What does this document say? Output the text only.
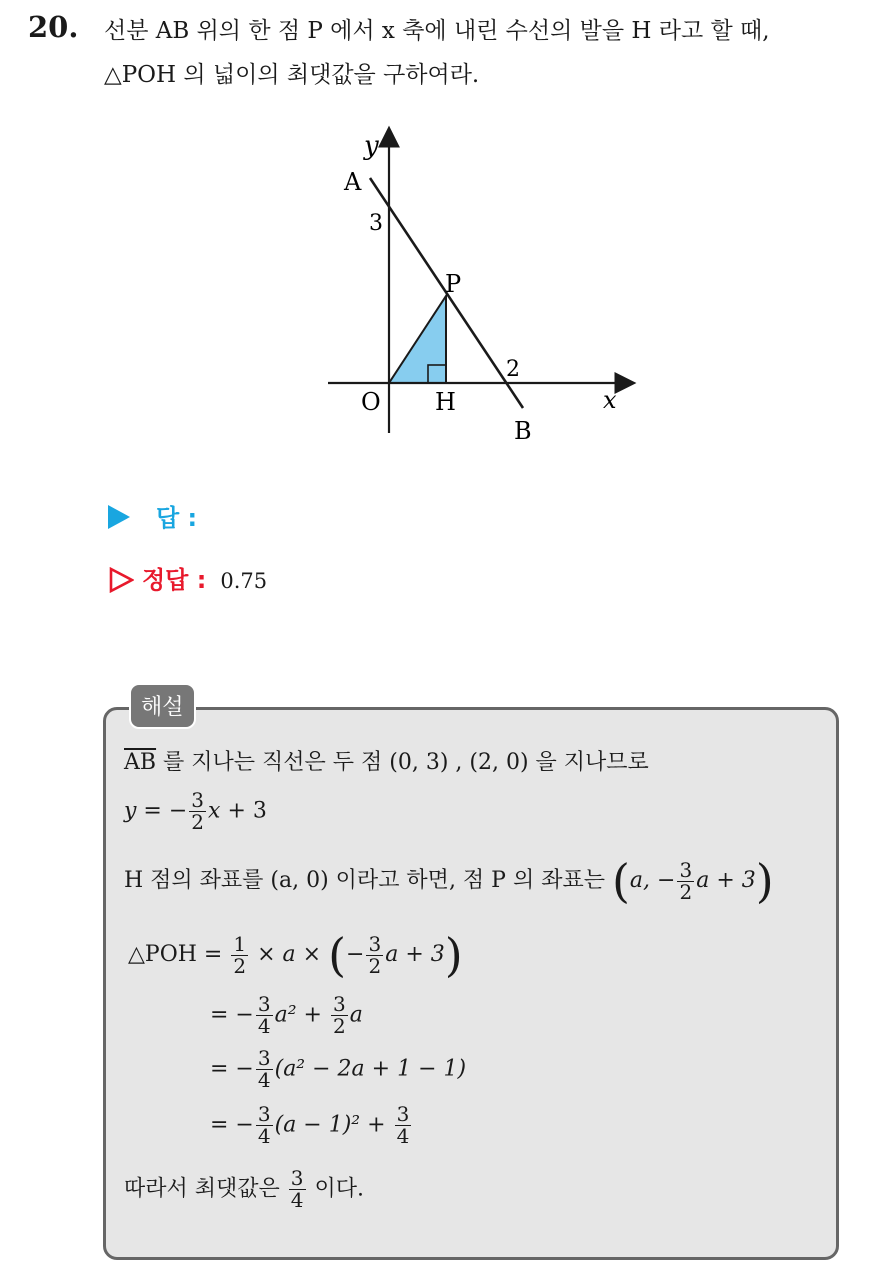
20. 선분 AB 위의 한 점 P 에서 x 축에 내린 수선의 발을 H 라고 할 때,
△POH 의 넓이의 최댓값을 구하여라.
y
x
A
3
P
2
O H
B
답 :
정답 : 0.75
해설
$\overline{AB}$ 를 지나는 직선은 두 점 (0, 3) , (2, 0) 을 지나므로
y = − $\frac{3}{2}$ x + 3
H 점의 좌표를 (a, 0) 이라고 하면, 점 P 의 좌표는 (a, − $\frac{3}{2}$ a + 3)
△POH = $\frac{1}{2} \times a$ × (− $\frac{3}{2}$ a + 3)
= − $\frac{3}{4} a^2 + \frac{3}{2}$ a
= − $\frac{3}{4} (a^2 - 2a + 1 - 1)$
= − $\frac{3}{4} (a - 1)^2 + \frac{3}{4}$
따라서 최댓값은 $\frac{3}{4}$ 이다.
